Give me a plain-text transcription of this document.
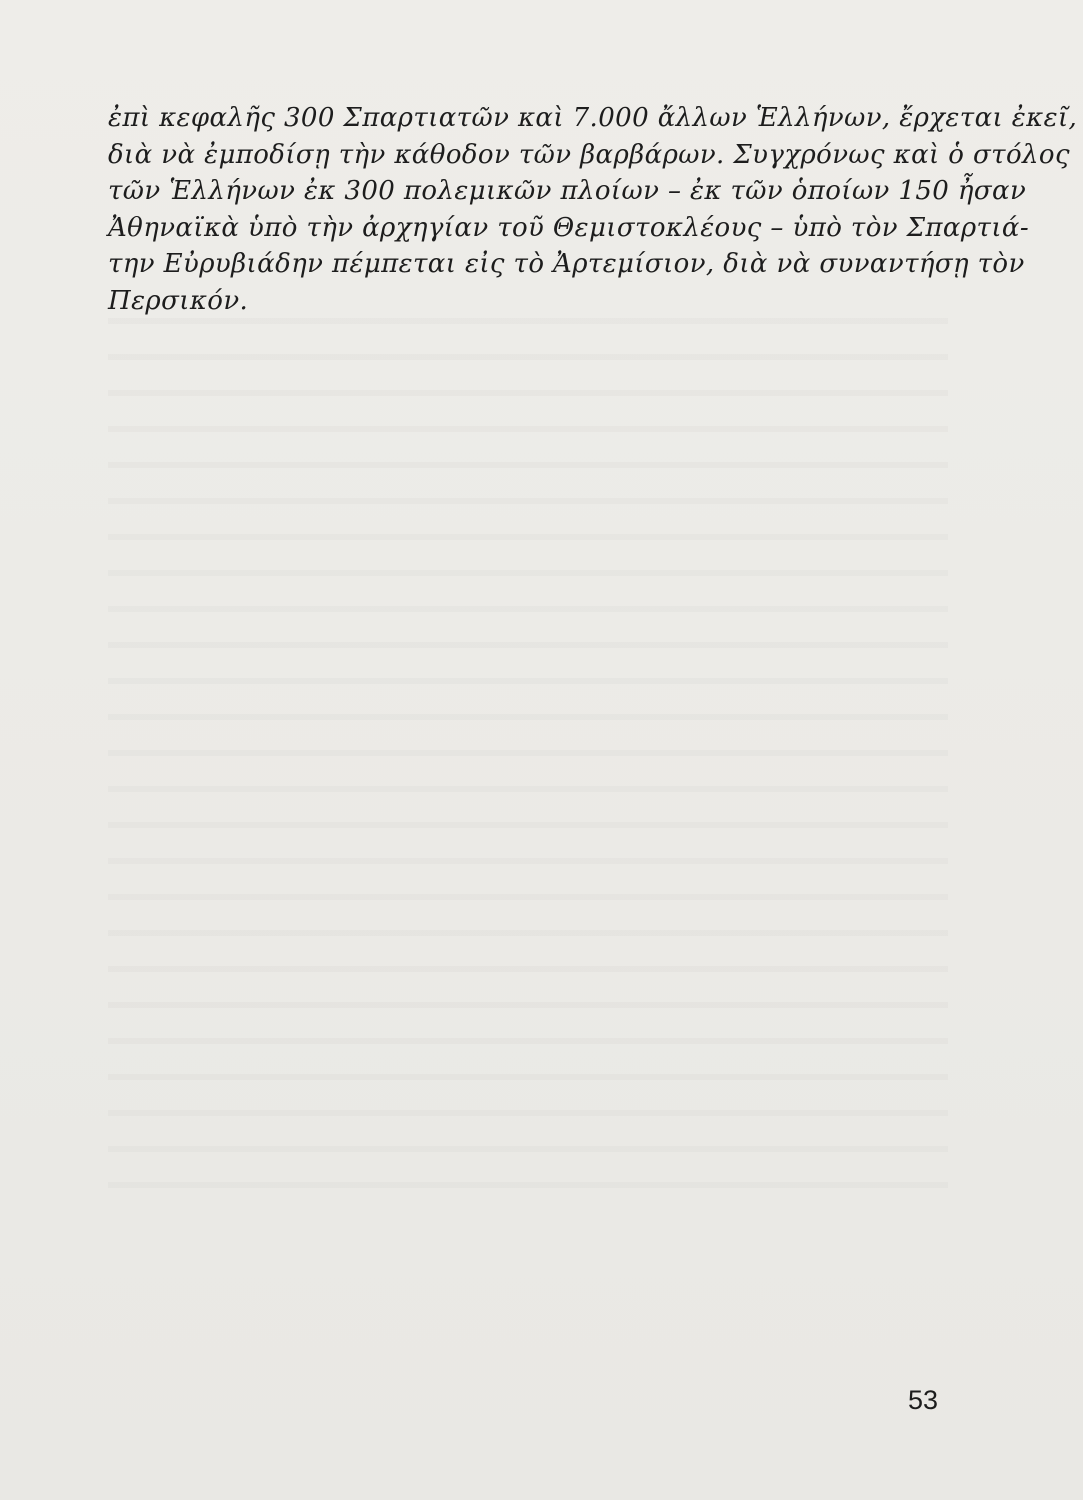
ἐπὶ κεφαλῆς 300 Σπαρτιατῶν καὶ 7.000 ἄλλων Ἑλλήνων, ἔρχεται ἐκεῖ,
διὰ νὰ ἐμποδίσῃ τὴν κάθοδον τῶν βαρβάρων. Συγχρόνως καὶ ὁ στόλος
τῶν Ἑλλήνων ἐκ 300 πολεμικῶν πλοίων – ἐκ τῶν ὁποίων 150 ἦσαν
Ἀθηναϊκὰ ὑπὸ τὴν ἀρχηγίαν τοῦ Θεμιστοκλέους – ὑπὸ τὸν Σπαρτιά-
την Εὐρυβιάδην πέμπεται εἰς τὸ Ἀρτεμίσιον, διὰ νὰ συναντήσῃ τὸν
Περσικόν.
53
